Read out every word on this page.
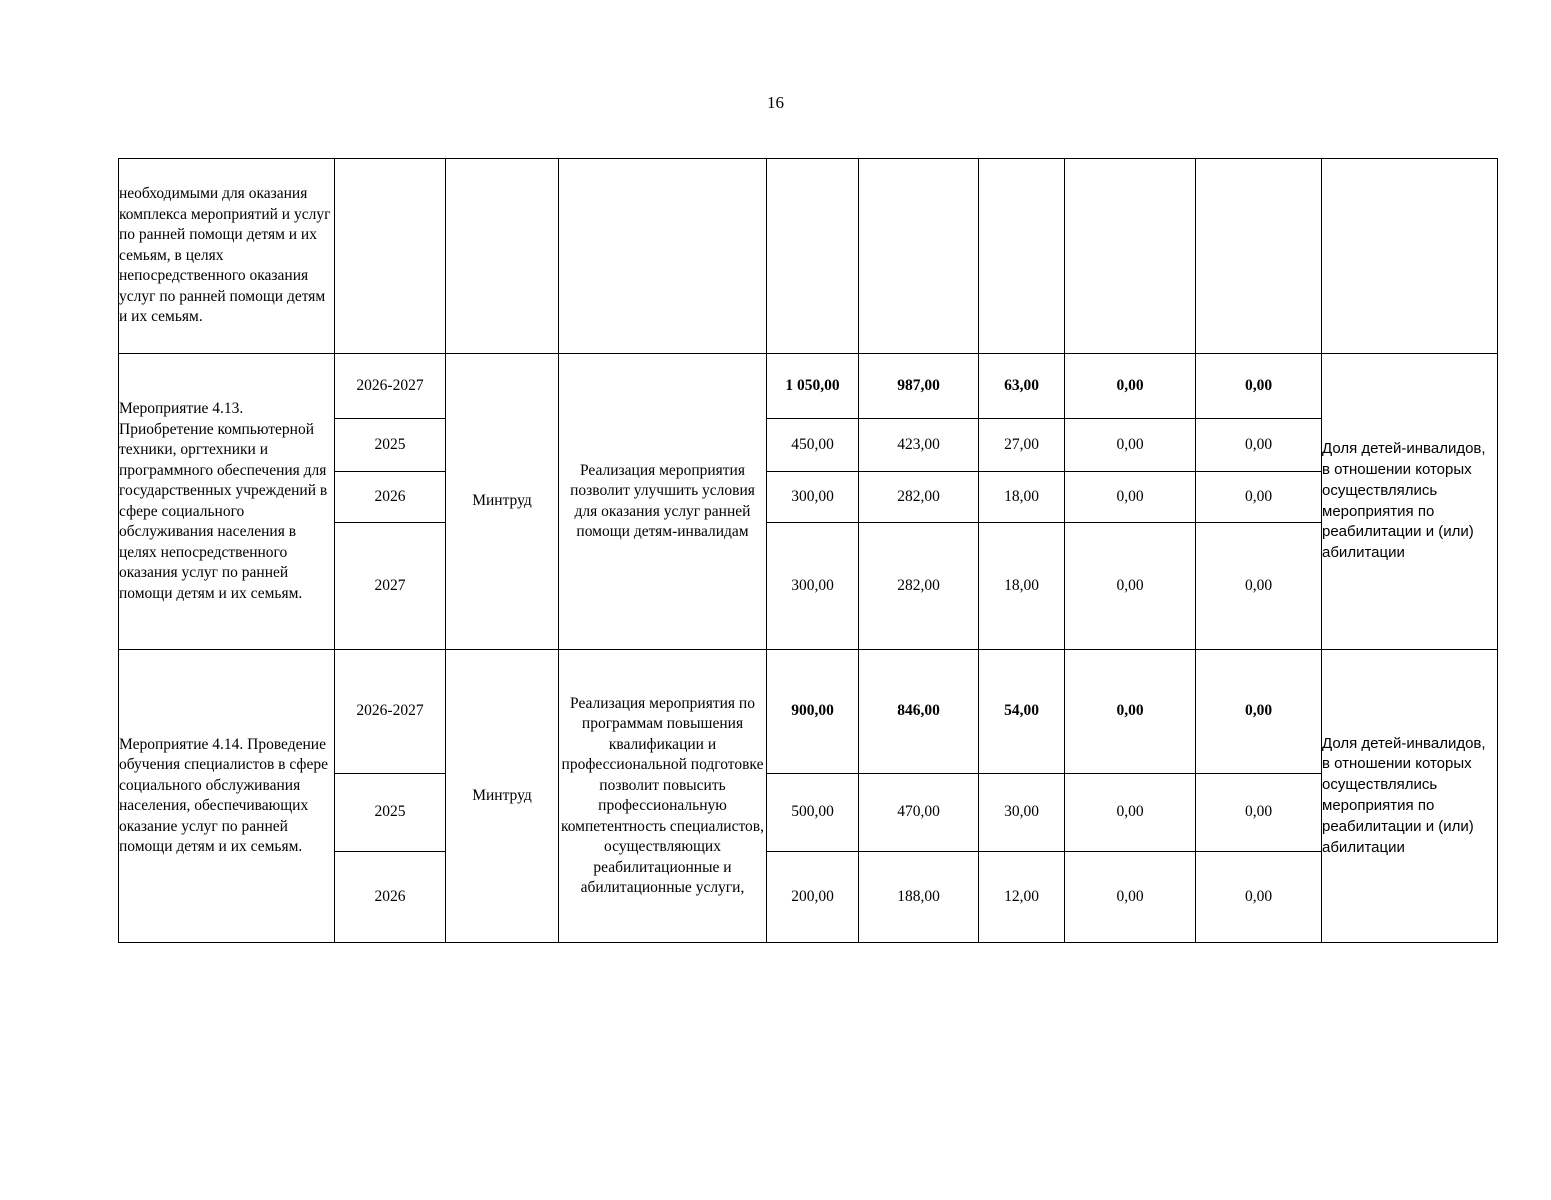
16
необходимыми для оказания комплекса мероприятий и услуг по ранней помощи детям и их семьям, в целях непосредственного оказания услуг по ранней помощи детям и их семьям.									
Мероприятие 4.13. Приобретение компьютерной техники, оргтехники и программного обеспечения для государственных учреждений в сфере социального обслуживания населения в целях непосредственного оказания услуг по ранней помощи детям и их семьям.	2026-2027	Минтруд	Реализация мероприятия позволит улучшить условия для оказания услуг ранней помощи детям-инвалидам	1 050,00	987,00	63,00	0,00	0,00	Доля детей-инвалидов, в отношении которых осуществлялись мероприятия по реабилитации и (или) абилитации
	2025			450,00	423,00	27,00	0,00	0,00	
	2026			300,00	282,00	18,00	0,00	0,00	
	2027			300,00	282,00	18,00	0,00	0,00	
Мероприятие 4.14. Проведение обучения специалистов в сфере социального обслуживания населения, обеспечивающих оказание услуг по ранней помощи детям и их семьям.	2026-2027	Минтруд	Реализация мероприятия по программам повышения квалификации и профессиональной подготовке позволит повысить профессиональную компетентность специалистов, осуществляющих реабилитационные и абилитационные услуги,	900,00	846,00	54,00	0,00	0,00	Доля детей-инвалидов, в отношении которых осуществлялись мероприятия по реабилитации и (или) абилитации
	2025			500,00	470,00	30,00	0,00	0,00	
	2026			200,00	188,00	12,00	0,00	0,00	
